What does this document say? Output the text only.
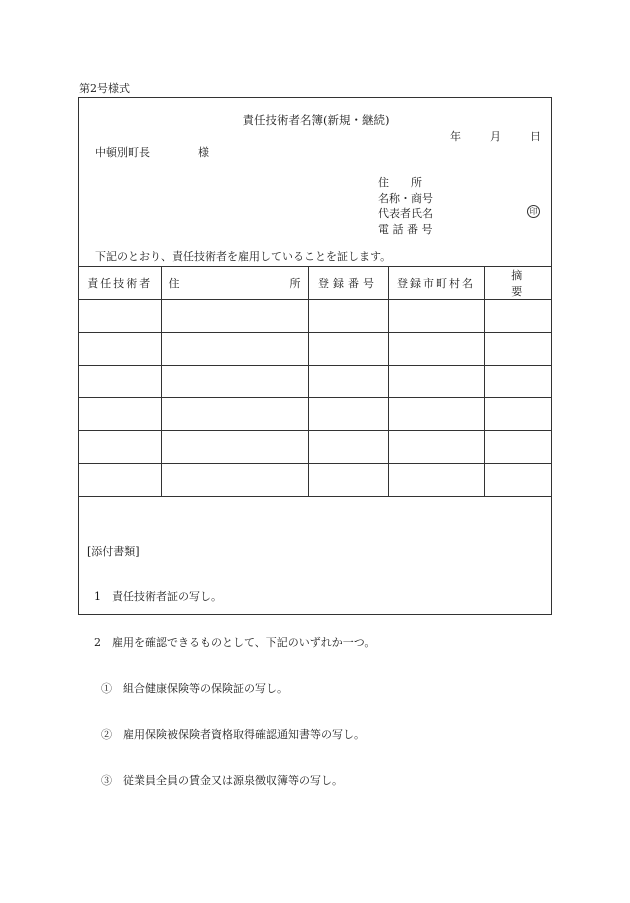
第2号様式
責任技術者名簿(新規・継続)
年	月	日
中頓別町長	様
住　　所
名称・商号
代表者氏名
電 話 番 号
印
下記のとおり、責任技術者を雇用していることを証します。
責任技術者	住 所	登録番号	登録市町村名	摘要

[添付書類]

1　責任技術者証の写し。

2　雇用を確認できるものとして、下記のいずれか一つ。

①　組合健康保険等の保険証の写し。

②　雇用保険被保険者資格取得確認通知書等の写し。

③　従業員全員の賃金又は源泉徴収簿等の写し。
